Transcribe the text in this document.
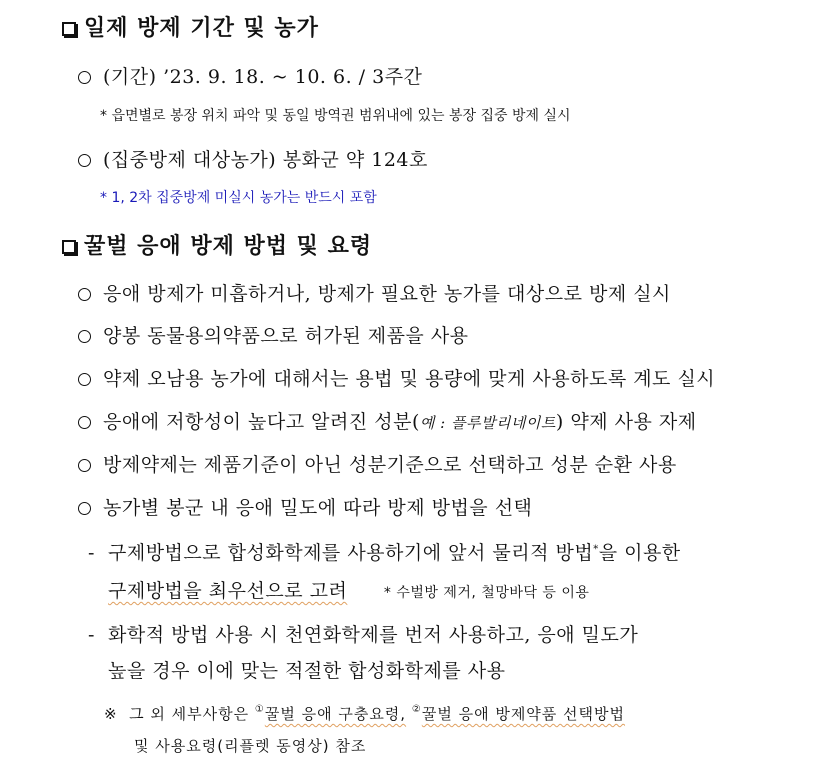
일제 방제 기간 및 농가
(기간) ’23. 9. 18. ~ 10. 6. / 3주간
* 읍면별로 봉장 위치 파악 및 동일 방역권 범위내에 있는 봉장 집중 방제 실시
(집중방제 대상농가) 봉화군 약 124호
* 1, 2차 집중방제 미실시 농가는 반드시 포함
꿀벌 응애 방제 방법 및 요령
응애 방제가 미흡하거나, 방제가 필요한 농가를 대상으로 방제 실시
양봉 동물용의약품으로 허가된 제품을 사용
약제 오남용 농가에 대해서는 용법 및 용량에 맞게 사용하도록 계도 실시
응애에 저항성이 높다고 알려진 성분(예 : 플루발리네이트) 약제 사용 자제
방제약제는 제품기준이 아닌 성분기준으로 선택하고 성분 순환 사용
농가별 봉군 내 응애 밀도에 따라 방제 방법을 선택
- 구제방법으로 합성화학제를 사용하기에 앞서 물리적 방법*을 이용한
구제방법을 최우선으로 고려	* 수벌방 제거, 철망바닥 등 이용
- 화학적 방법 사용 시 천연화학제를 번저 사용하고, 응애 밀도가
높을 경우 이에 맞는 적절한 합성화학제를 사용
※ 그 외 세부사항은 ①꿀벌 응애 구충요령, ②꿀벌 응애 방제약품 선택방법
및 사용요령(리플렛 동영상) 참조
